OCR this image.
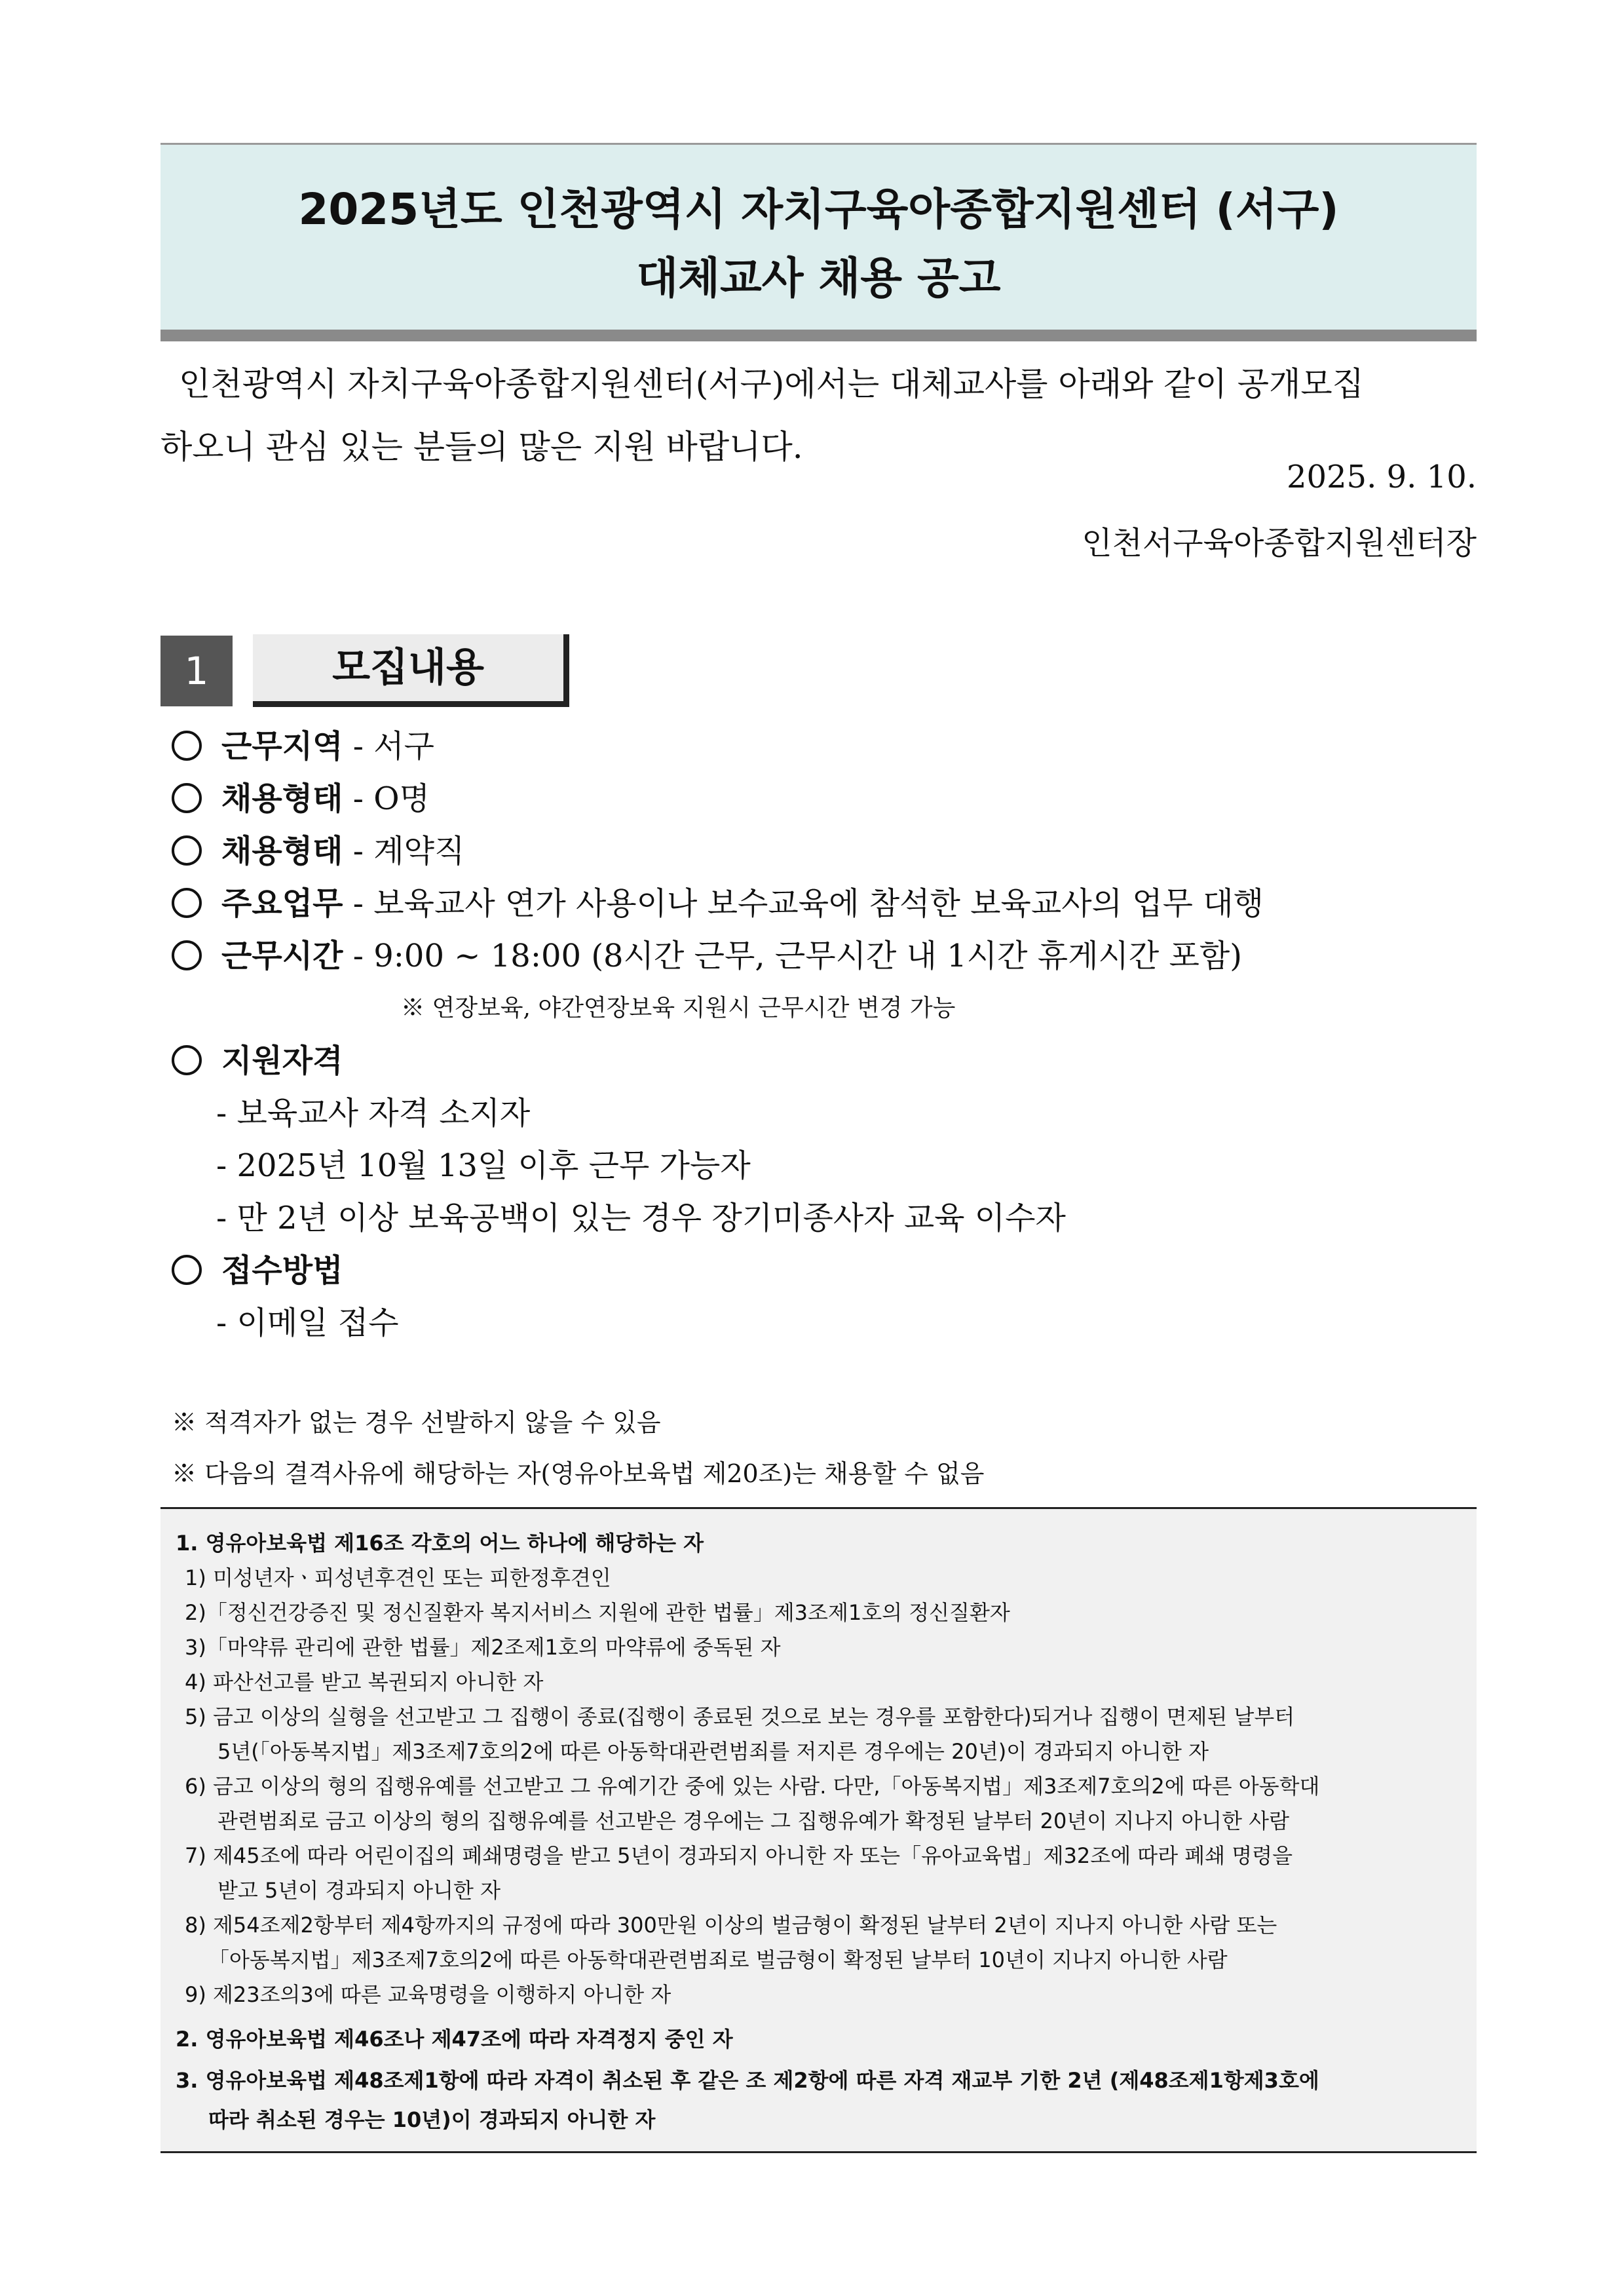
2025년도 인천광역시 자치구육아종합지원센터 (서구)
대체교사 채용 공고
인천광역시 자치구육아종합지원센터(서구)에서는 대체교사를 아래와 같이 공개모집
하오니 관심 있는 분들의 많은 지원 바랍니다.
2025. 9. 10.
인천서구육아종합지원센터장
1	모집내용
근무지역 - 서구
채용형태 - O명
채용형태 - 계약직
주요업무 - 보육교사 연가 사용이나 보수교육에 참석한 보육교사의 업무 대행
근무시간 - 9:00 ~ 18:00 (8시간 근무, 근무시간 내 1시간 휴게시간 포함)
※ 연장보육, 야간연장보육 지원시 근무시간 변경 가능
지원자격
- 보육교사 자격 소지자
- 2025년 10월 13일 이후 근무 가능자
- 만 2년 이상 보육공백이 있는 경우 장기미종사자 교육 이수자
접수방법
- 이메일 접수
※ 적격자가 없는 경우 선발하지 않을 수 있음
※ 다음의 결격사유에 해당하는 자(영유아보육법 제20조)는 채용할 수 없음
1. 영유아보육법 제16조 각호의 어느 하나에 해당하는 자
1) 미성년자ㆍ피성년후견인 또는 피한정후견인
2)「정신건강증진 및 정신질환자 복지서비스 지원에 관한 법률」제3조제1호의 정신질환자
3)「마약류 관리에 관한 법률」제2조제1호의 마약류에 중독된 자
4) 파산선고를 받고 복권되지 아니한 자
5) 금고 이상의 실형을 선고받고 그 집행이 종료(집행이 종료된 것으로 보는 경우를 포함한다)되거나 집행이 면제된 날부터
5년(「아동복지법」제3조제7호의2에 따른 아동학대관련범죄를 저지른 경우에는 20년)이 경과되지 아니한 자
6) 금고 이상의 형의 집행유예를 선고받고 그 유예기간 중에 있는 사람. 다만,「아동복지법」제3조제7호의2에 따른 아동학대
관련범죄로 금고 이상의 형의 집행유예를 선고받은 경우에는 그 집행유예가 확정된 날부터 20년이 지나지 아니한 사람
7) 제45조에 따라 어린이집의 폐쇄명령을 받고 5년이 경과되지 아니한 자 또는「유아교육법」제32조에 따라 폐쇄 명령을
받고 5년이 경과되지 아니한 자
8) 제54조제2항부터 제4항까지의 규정에 따라 300만원 이상의 벌금형이 확정된 날부터 2년이 지나지 아니한 사람 또는
「아동복지법」제3조제7호의2에 따른 아동학대관련범죄로 벌금형이 확정된 날부터 10년이 지나지 아니한 사람
9) 제23조의3에 따른 교육명령을 이행하지 아니한 자
2. 영유아보육법 제46조나 제47조에 따라 자격정지 중인 자
3. 영유아보육법 제48조제1항에 따라 자격이 취소된 후 같은 조 제2항에 따른 자격 재교부 기한 2년 (제48조제1항제3호에
따라 취소된 경우는 10년)이 경과되지 아니한 자
